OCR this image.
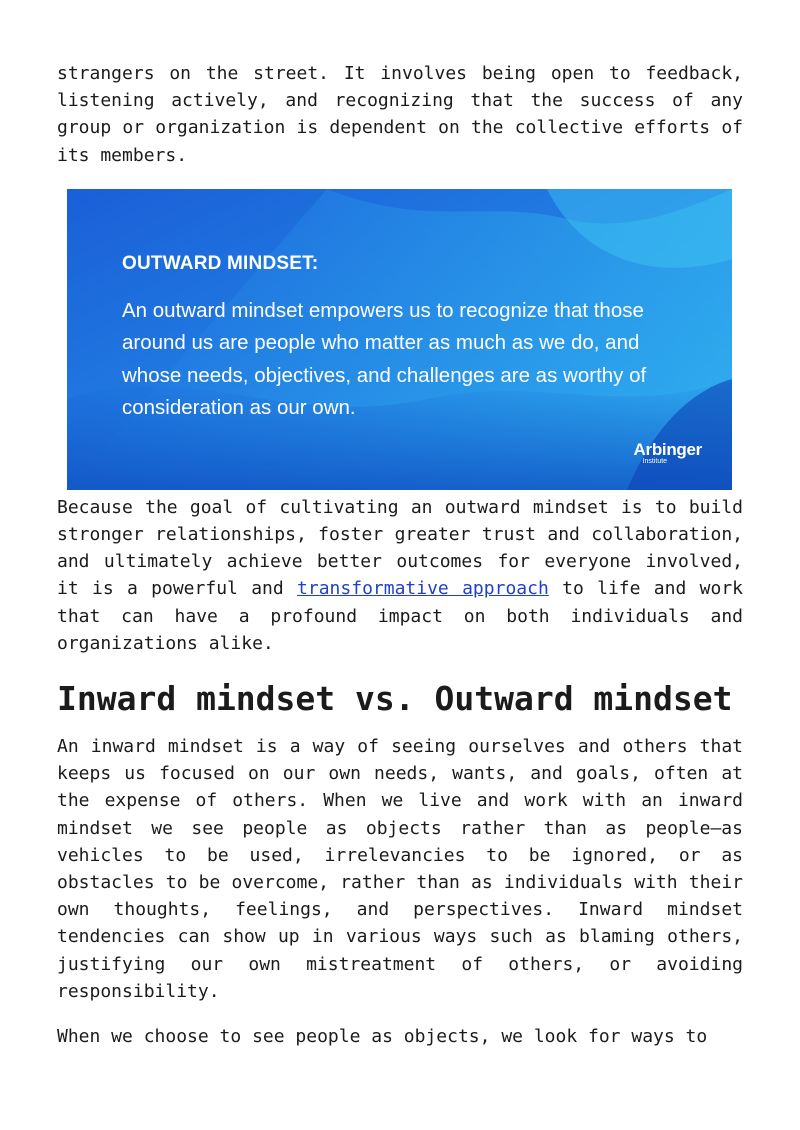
strangers on the street. It involves being open to feedback, listening actively, and recognizing that the success of any group or organization is dependent on the collective efforts of its members.

OUTWARD MINDSET:
An outward mindset empowers us to recognize that those around us are people who matter as much as we do, and whose needs, objectives, and challenges are as worthy of consideration as our own.
Arbinger
Institute

Because the goal of cultivating an outward mindset is to build stronger relationships, foster greater trust and collaboration, and ultimately achieve better outcomes for everyone involved, it is a powerful and transformative approach to life and work that can have a profound impact on both individuals and organizations alike.

Inward mindset vs. Outward mindset

An inward mindset is a way of seeing ourselves and others that keeps us focused on our own needs, wants, and goals, often at the expense of others. When we live and work with an inward mindset we see people as objects rather than as people—as vehicles to be used, irrelevancies to be ignored, or as obstacles to be overcome, rather than as individuals with their own thoughts, feelings, and perspectives. Inward mindset tendencies can show up in various ways such as blaming others, justifying our own mistreatment of others, or avoiding responsibility.

When we choose to see people as objects, we look for ways to
